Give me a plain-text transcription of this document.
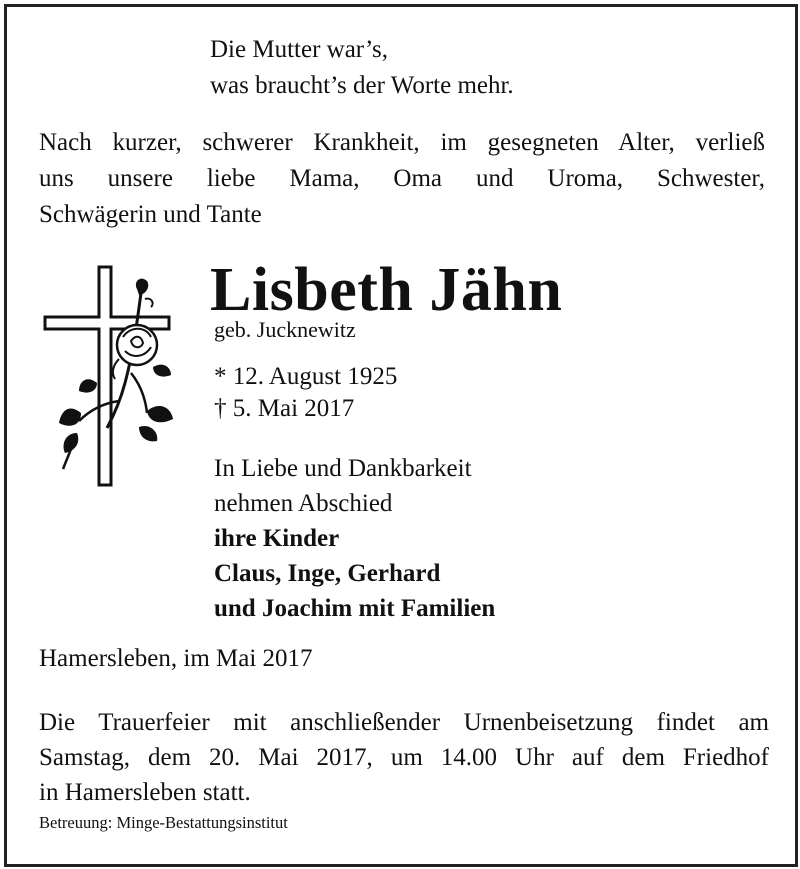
Die Mutter war’s,
was braucht’s der Worte mehr.
Nach kurzer, schwerer Krankheit, im gesegneten Alter, verließ
uns unsere liebe Mama, Oma und Uroma, Schwester,
Schwägerin und Tante
Lisbeth Jähn
geb. Jucknewitz
* 12. August 1925
† 5. Mai 2017
In Liebe und Dankbarkeit
nehmen Abschied
ihre Kinder
Claus, Inge, Gerhard
und Joachim mit Familien
Hamersleben, im Mai 2017
Die Trauerfeier mit anschließender Urnenbeisetzung findet am
Samstag, dem 20. Mai 2017, um 14.00 Uhr auf dem Friedhof
in Hamersleben statt.
Betreuung: Minge-Bestattungsinstitut
